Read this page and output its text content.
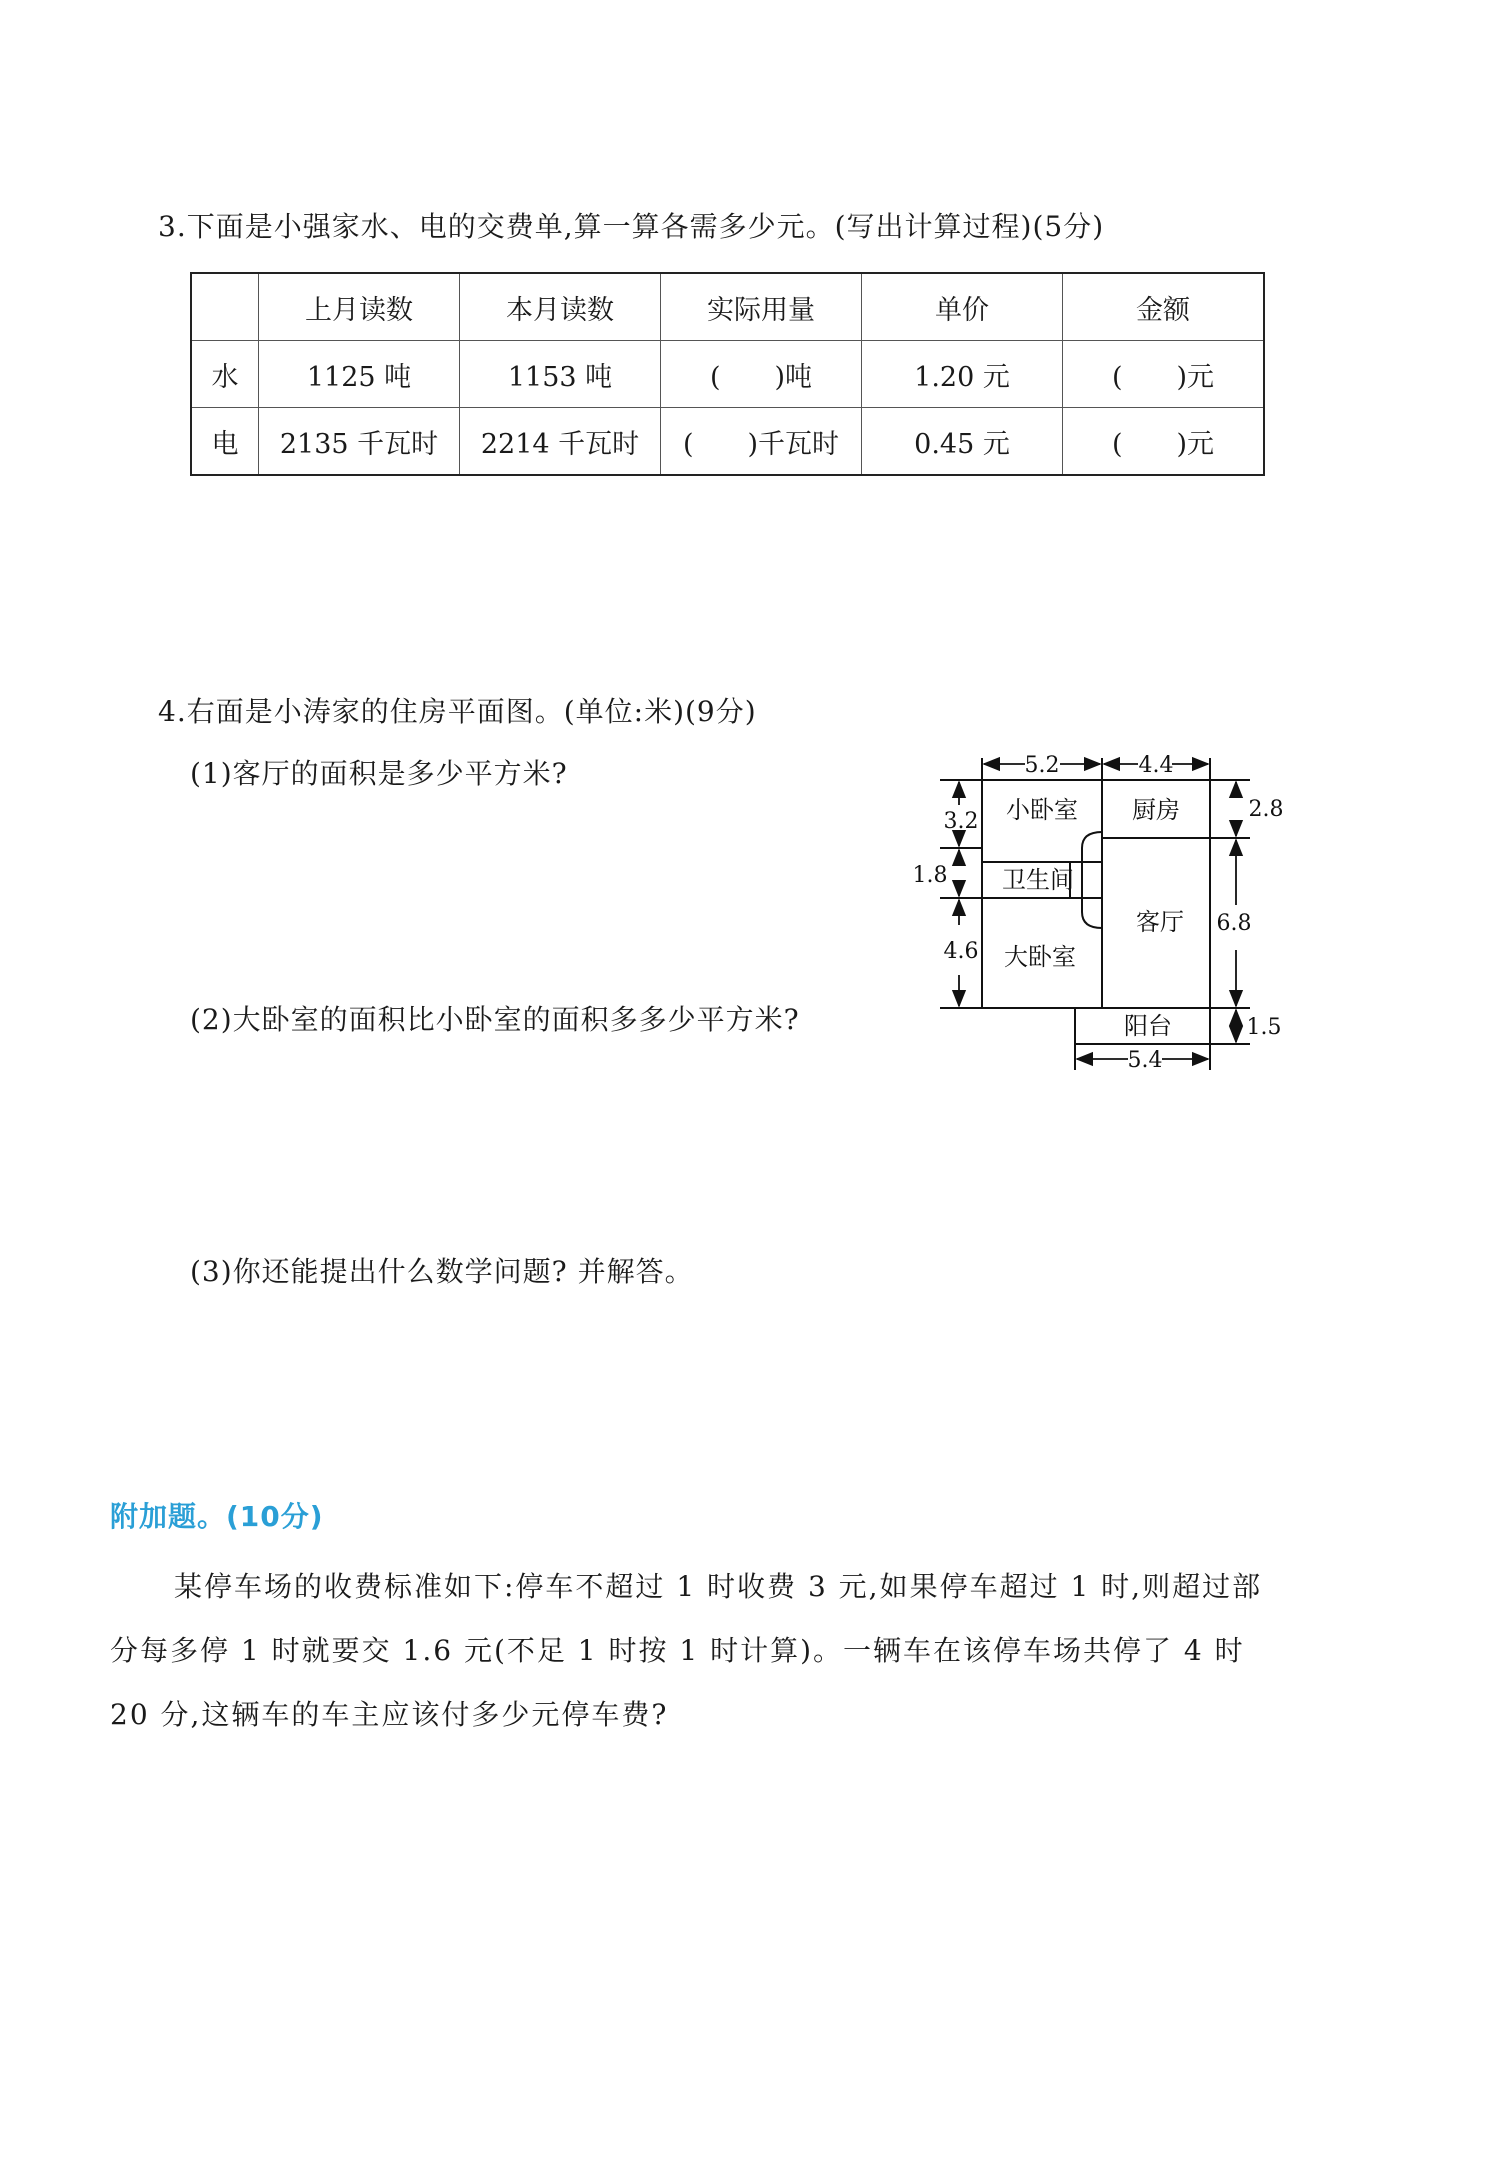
3.下面是小强家水、电的交费单,算一算各需多少元。(写出计算过程)(5分)
	上月读数	本月读数	实际用量	单价	金额
水	1125 吨	1153 吨	(　　)吨	1.20 元	(　　)元
电	2135 千瓦时	2214 千瓦时	(　　)千瓦时	0.45 元	(　　)元
4.右面是小涛家的住房平面图。(单位:米)(9分)
(1)客厅的面积是多少平方米?
(2)大卧室的面积比小卧室的面积多多少平方米?
(3)你还能提出什么数学问题? 并解答。
5.2	4.4
3.2
1.8
4.6
2.8
6.8
1.5
5.4
小卧室 厨房
卫生间
客厅
大卧室
阳台
附加题。(10分)
某停车场的收费标准如下:停车不超过 1 时收费 3 元,如果停车超过 1 时,则超过部分每多停 1 时就要交 1.6 元(不足 1 时按 1 时计算)。一辆车在该停车场共停了 4 时 20 分,这辆车的车主应该付多少元停车费?
